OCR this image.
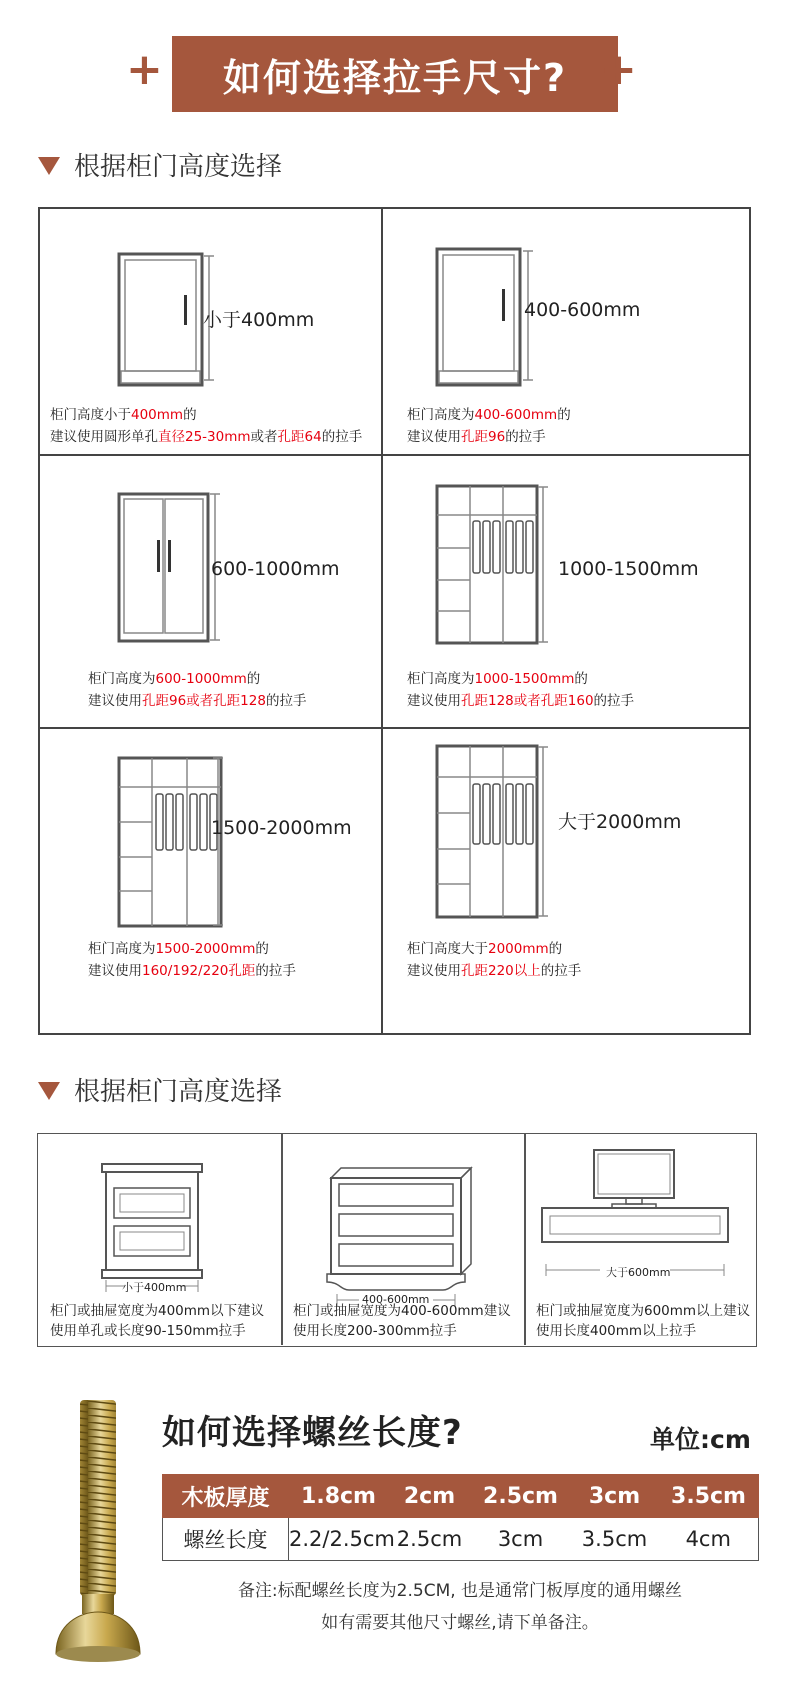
+	如何选择拉手尺寸? +
根据柜门高度选择
小于400mm
柜门高度小于400mm的
建议使用圆形单孔直径25-30mm或者孔距64的拉手
400-600mm
柜门高度为400-600mm的
建议使用孔距96的拉手
600-1000mm
柜门高度为600-1000mm的
建议使用孔距96或者孔距128的拉手
1000-1500mm
柜门高度为1000-1500mm的
建议使用孔距128或者孔距160的拉手
1500-2000mm
柜门高度为1500-2000mm的
建议使用160/192/220孔距的拉手
大于2000mm
柜门高度大于2000mm的
建议使用孔距220以上的拉手
根据柜门高度选择
小于400mm
柜门或抽屉宽度为400mm以下建议
使用单孔或长度90-150mm拉手
400-600mm
柜门或抽屉宽度为400-600mm建议
使用长度200-300mm拉手
大于600mm
柜门或抽屉宽度为600mm以上建议
使用长度400mm以上拉手
如何选择螺丝长度?	单位:cm
木板厚度	1.8cm	2cm	2.5cm	3cm	3.5cm
螺丝长度	2.2/2.5cm	2.5cm	3cm	3.5cm	4cm
备注:标配螺丝长度为2.5CM, 也是通常门板厚度的通用螺丝
如有需要其他尺寸螺丝,请下单备注。
